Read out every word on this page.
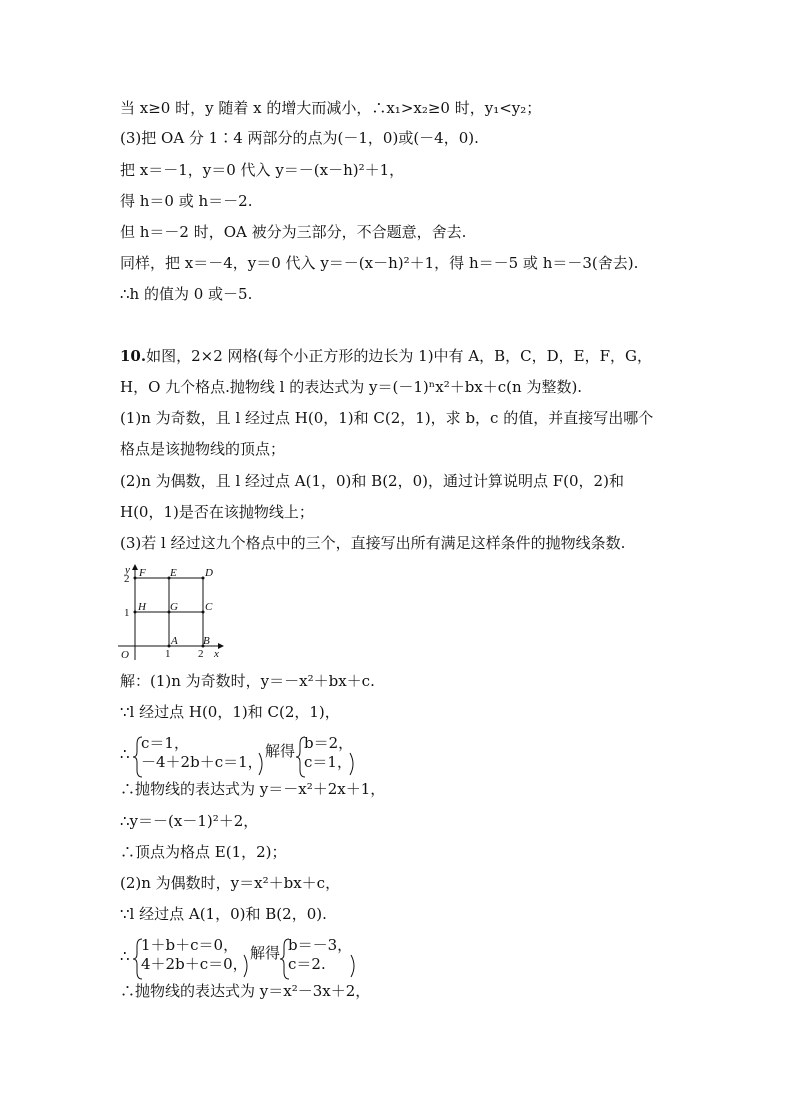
当 x≥0 时，y 随着 x 的增大而减小，∴x₁>x₂≥0 时，y₁<y₂；
(3)把 OA 分 1∶4 两部分的点为(－1，0)或(－4，0).
把 x＝－1，y＝0 代入 y＝－(x－h)²＋1，
得 h＝0 或 h＝－2.
但 h＝－2 时，OA 被分为三部分，不合题意，舍去.
同样，把 x＝－4，y＝0 代入 y＝－(x－h)²＋1，得 h＝－5 或 h＝－3(舍去).
∴h 的值为 0 或－5.
10.如图，2×2 网格(每个小正方形的边长为 1)中有 A，B，C，D，E，F，G，
H，O 九个格点.抛物线 l 的表达式为 y＝(－1)ⁿx²＋bx＋c(n 为整数).
(1)n 为奇数，且 l 经过点 H(0，1)和 C(2，1)，求 b，c 的值，并直接写出哪个
格点是该抛物线的顶点；
(2)n 为偶数，且 l 经过点 A(1，0)和 B(2，0)，通过计算说明点 F(0，2)和
H(0，1)是否在该抛物线上；
(3)若 l 经过这九个格点中的三个，直接写出所有满足这样条件的抛物线条数.
y
x
O
F E	D
H G C
A B
1	2
1
2
解：(1)n 为奇数时，y＝－x²＋bx＋c.
∵l 经过点 H(0，1)和 C(2，1)，
∴
c＝1，
－4＋2b＋c＝1，
解得 b＝2，
c＝1，
∴抛物线的表达式为 y＝－x²＋2x＋1，
∴y＝－(x－1)²＋2，
∴顶点为格点 E(1，2)；
(2)n 为偶数时，y＝x²＋bx＋c，
∵l 经过点 A(1，0)和 B(2，0).
∴
1＋b＋c＝0，
4＋2b＋c＝0，
解得 b＝－3，
c＝2.
∴抛物线的表达式为 y＝x²－3x＋2，
